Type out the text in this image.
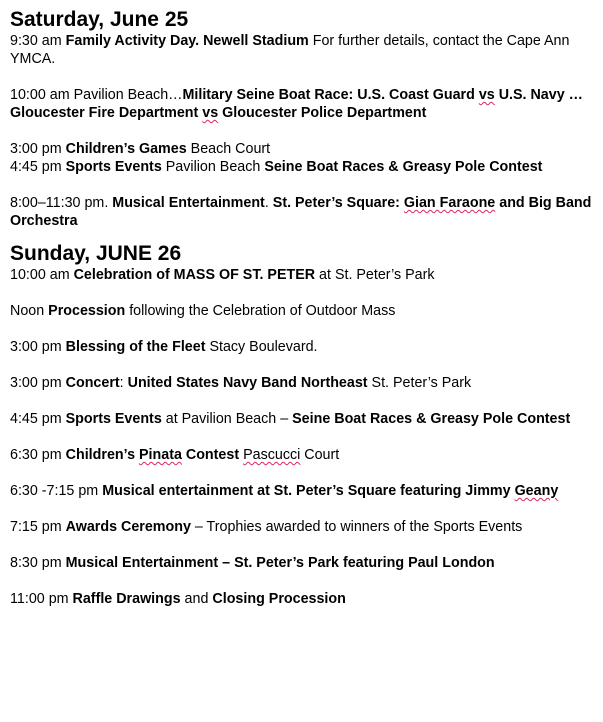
Saturday, June 25

9:30 am Family Activity Day. Newell Stadium For further details, contact the Cape Ann YMCA.

10:00 am Pavilion Beach…Military Seine Boat Race: U.S. Coast Guard vs U.S. Navy … Gloucester Fire Department vs Gloucester Police Department

3:00 pm Children’s Games Beach Court

4:45 pm Sports Events Pavilion Beach Seine Boat Races & Greasy Pole Contest

8:00–11:30 pm. Musical Entertainment. St. Peter’s Square: Gian Faraone and Big Band Orchestra

Sunday, JUNE 26

10:00 am Celebration of MASS OF ST. PETER at St. Peter’s Park

Noon Procession following the Celebration of Outdoor Mass

3:00 pm Blessing of the Fleet Stacy Boulevard.

3:00 pm Concert: United States Navy Band Northeast St. Peter’s Park

4:45 pm Sports Events at Pavilion Beach – Seine Boat Races & Greasy Pole Contest

6:30 pm Children’s Pinata Contest Pascucci Court

6:30 -7:15 pm Musical entertainment at St. Peter’s Square featuring Jimmy Geany

7:15 pm Awards Ceremony – Trophies awarded to winners of the Sports Events

8:30 pm Musical Entertainment – St. Peter’s Park featuring Paul London

11:00 pm Raffle Drawings and Closing Procession
